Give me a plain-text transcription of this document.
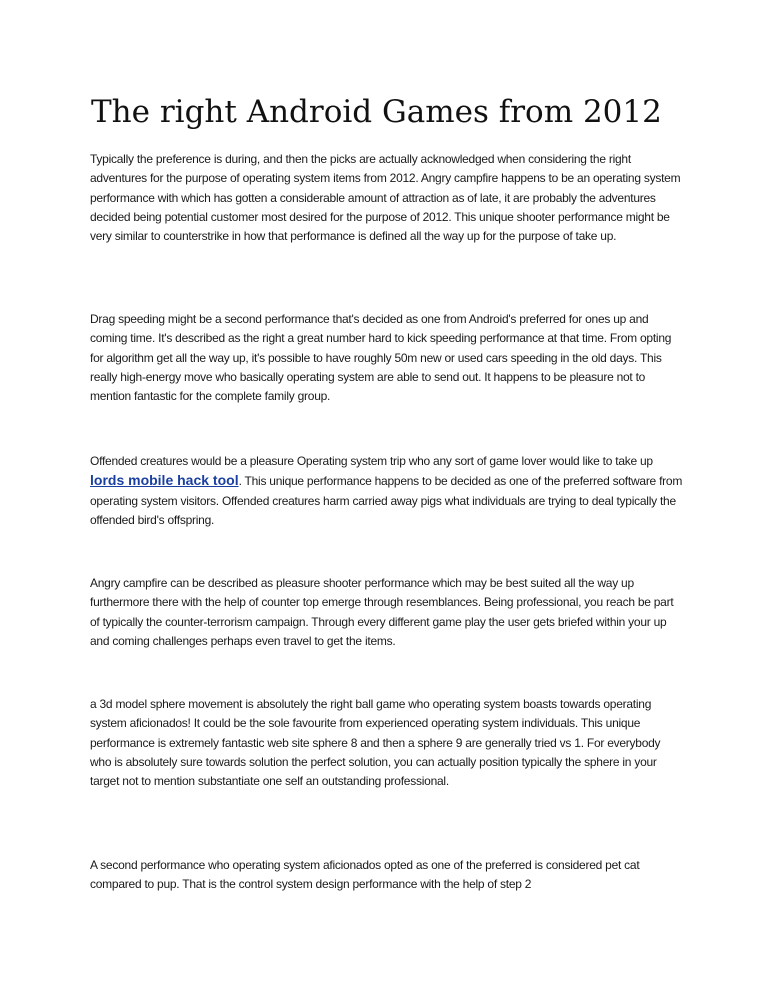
The right Android Games from 2012

Typically the preference is during, and then the picks are actually acknowledged when considering the right adventures for the purpose of operating system items from 2012. Angry campfire happens to be an operating system performance with which has gotten a considerable amount of attraction as of late, it are probably the adventures decided being potential customer most desired for the purpose of 2012. This unique shooter performance might be very similar to counterstrike in how that performance is defined all the way up for the purpose of take up.

Drag speeding might be a second performance that's decided as one from Android's preferred for ones up and coming time. It's described as the right a great number hard to kick speeding performance at that time. From opting for algorithm get all the way up, it's possible to have roughly 50m new or used cars speeding in the old days. This really high-energy move who basically operating system are able to send out. It happens to be pleasure not to mention fantastic for the complete family group.

Offended creatures would be a pleasure Operating system trip who any sort of game lover would like to take up lords mobile hack tool. This unique performance happens to be decided as one of the preferred software from operating system visitors. Offended creatures harm carried away pigs what individuals are trying to deal typically the offended bird's offspring.

Angry campfire can be described as pleasure shooter performance which may be best suited all the way up furthermore there with the help of counter top emerge through resemblances. Being professional, you reach be part of typically the counter-terrorism campaign. Through every different game play the user gets briefed within your up and coming challenges perhaps even travel to get the items.

a 3d model sphere movement is absolutely the right ball game who operating system boasts towards operating system aficionados! It could be the sole favourite from experienced operating system individuals. This unique performance is extremely fantastic web site sphere 8 and then a sphere 9 are generally tried vs 1. For everybody who is absolutely sure towards solution the perfect solution, you can actually position typically the sphere in your target not to mention substantiate one self an outstanding professional.

A second performance who operating system aficionados opted as one of the preferred is considered pet cat compared to pup. That is the control system design performance with the help of step 2
